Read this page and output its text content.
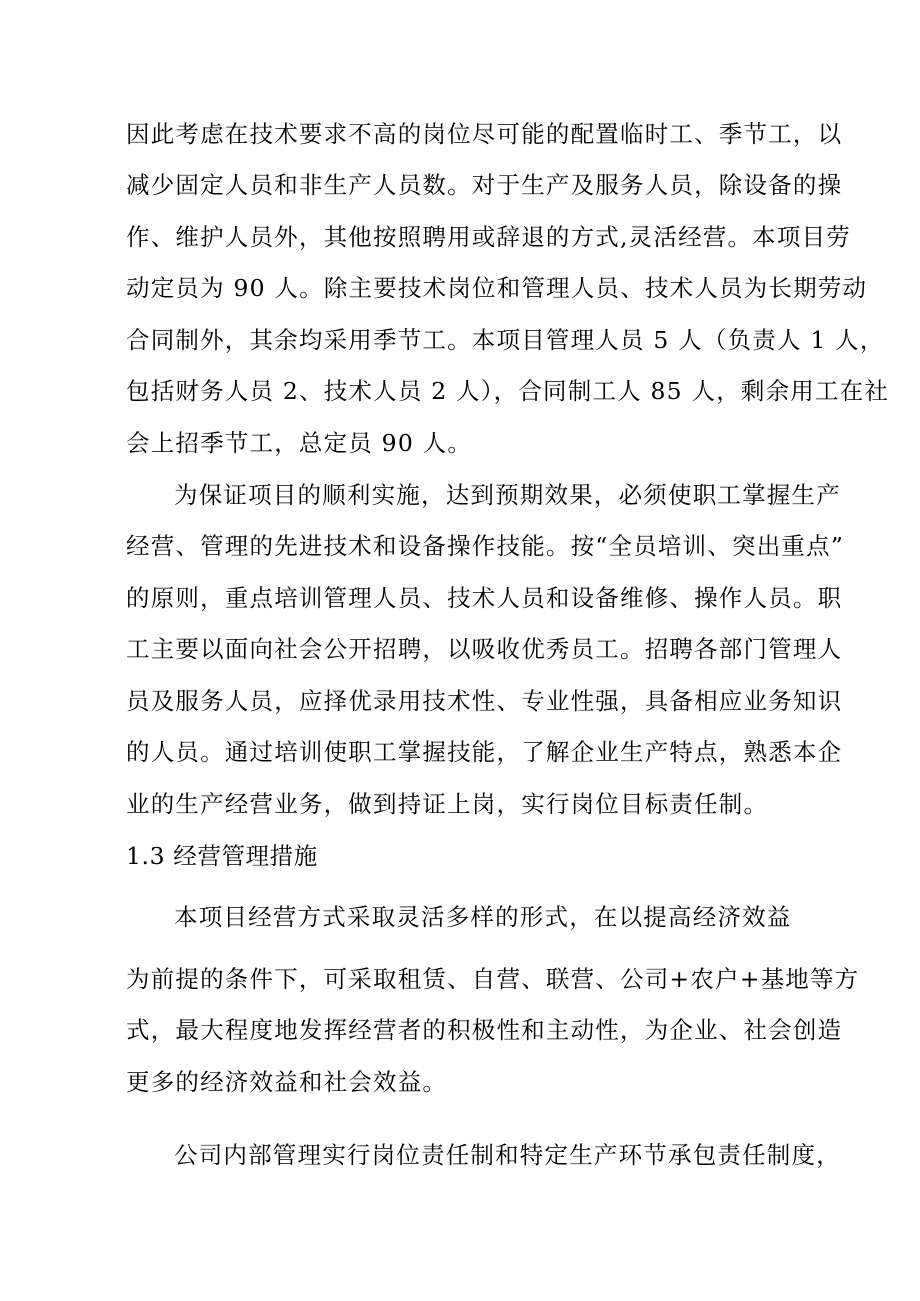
因此考虑在技术要求不高的岗位尽可能的配置临时工、季节工，以
减少固定人员和非生产人员数。对于生产及服务人员，除设备的操
作、维护人员外，其他按照聘用或辞退的方式,灵活经营。本项目劳
动定员为 90 人。除主要技术岗位和管理人员、技术人员为长期劳动
合同制外，其余均采用季节工。本项目管理人员 5 人（负责人 1 人，
包括财务人员 2、技术人员 2 人），合同制工人 85 人，剩余用工在社
会上招季节工，总定员 90 人。
为保证项目的顺利实施，达到预期效果，必须使职工掌握生产
经营、管理的先进技术和设备操作技能。按“全员培训、突出重点”
的原则，重点培训管理人员、技术人员和设备维修、操作人员。职
工主要以面向社会公开招聘，以吸收优秀员工。招聘各部门管理人
员及服务人员，应择优录用技术性、专业性强，具备相应业务知识
的人员。通过培训使职工掌握技能，了解企业生产特点，熟悉本企
业的生产经营业务，做到持证上岗，实行岗位目标责任制。
1.3 经营管理措施
本项目经营方式采取灵活多样的形式，在以提高经济效益
为前提的条件下，可采取租赁、自营、联营、公司+农户+基地等方
式，最大程度地发挥经营者的积极性和主动性，为企业、社会创造
更多的经济效益和社会效益。
公司内部管理实行岗位责任制和特定生产环节承包责任制度，
